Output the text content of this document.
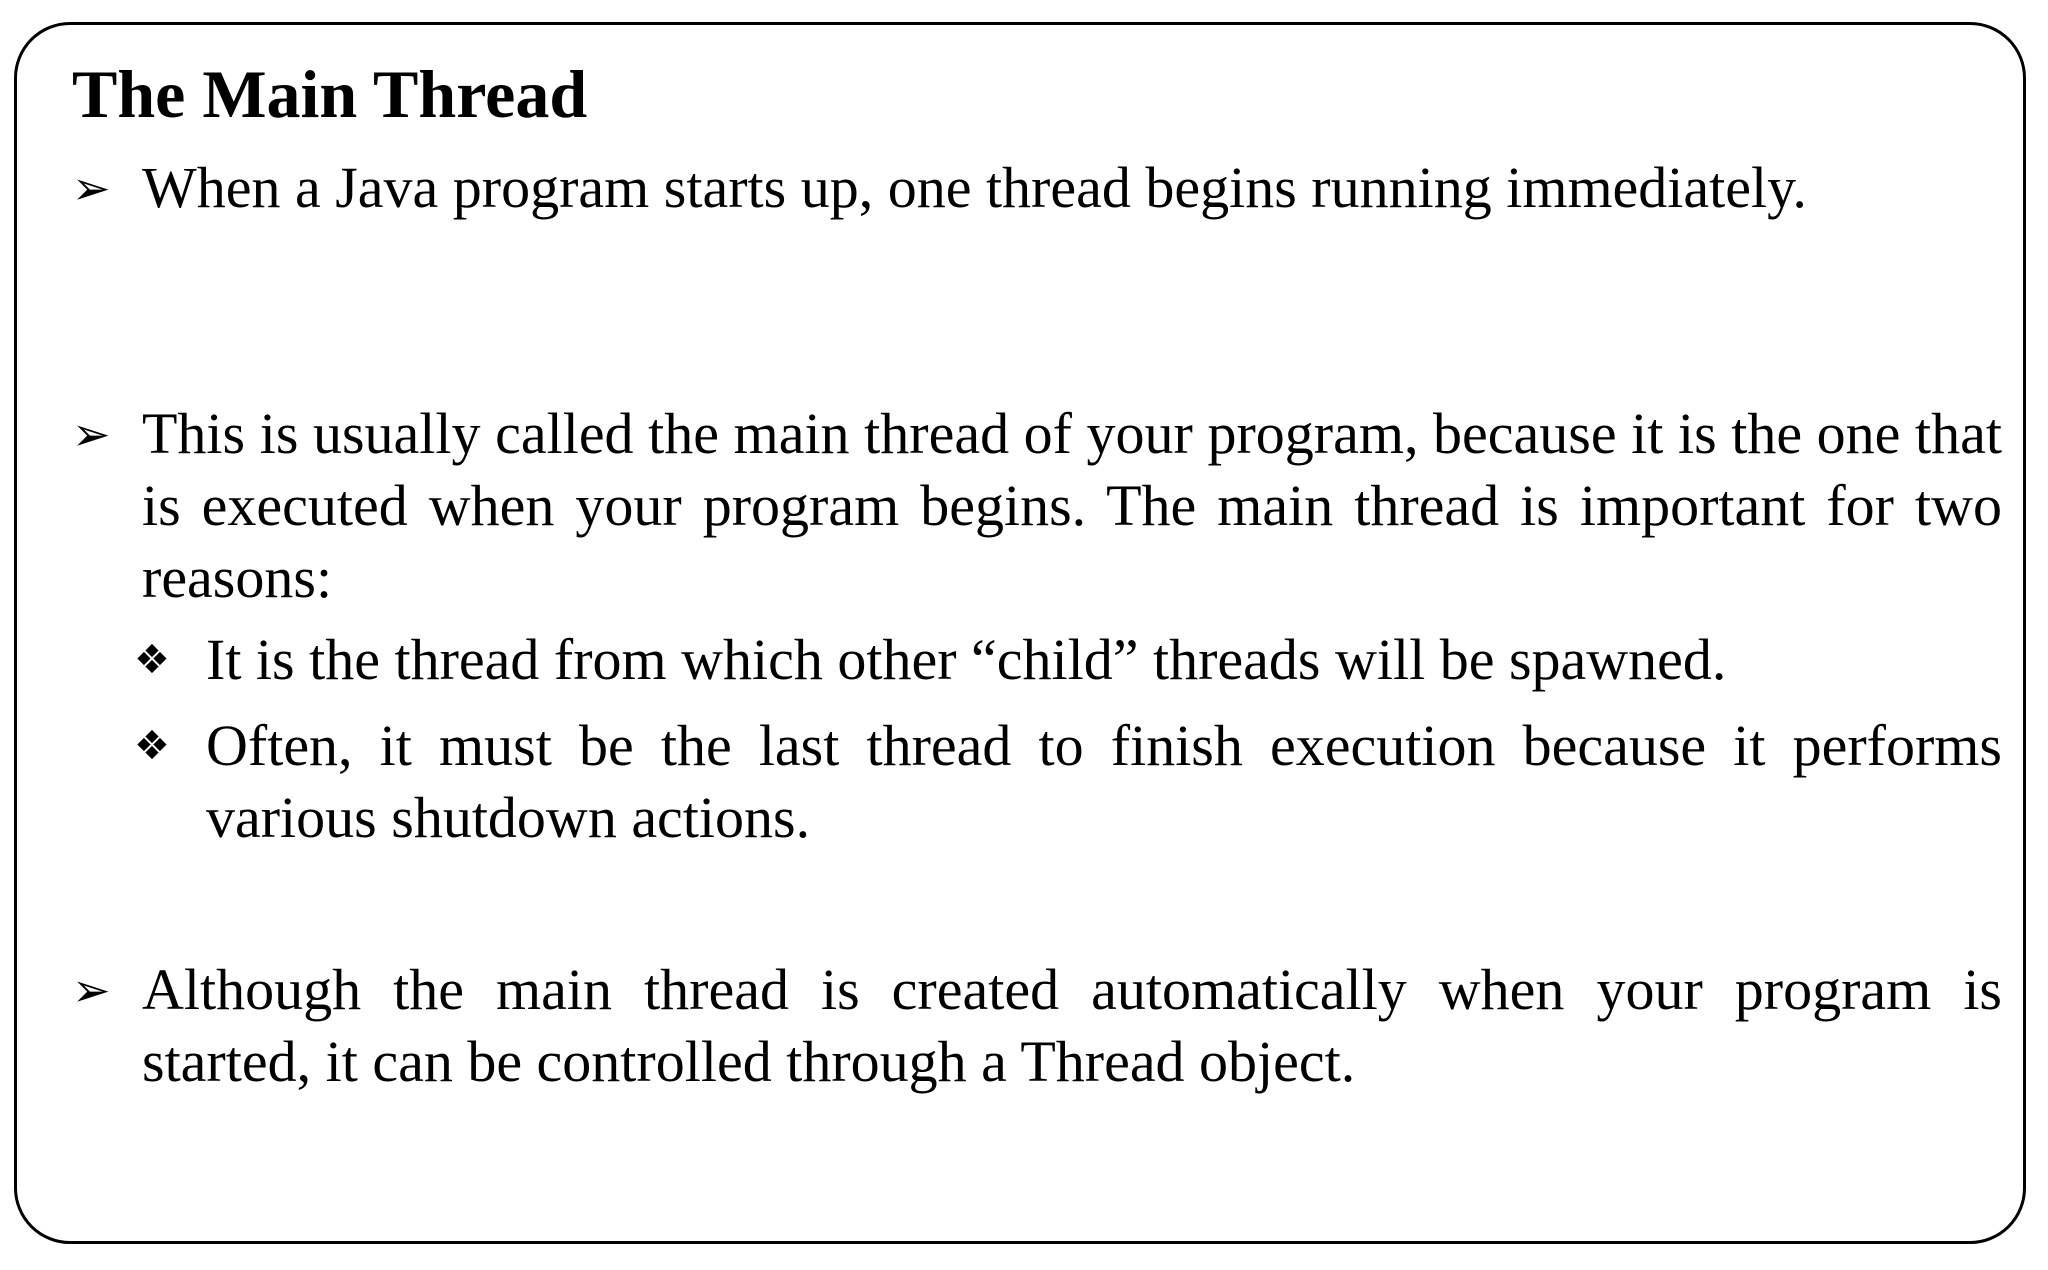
The Main Thread
➢ When a Java program starts up, one thread begins running immediately.
➢ This is usually called the main thread of your program, because it is the one that is executed when your program begins. The main thread is important for two reasons:
❖ It is the thread from which other “child” threads will be spawned.
❖ Often, it must be the last thread to finish execution because it performs various shutdown actions.
➢ Although the main thread is created automatically when your program is started, it can be controlled through a Thread object.
